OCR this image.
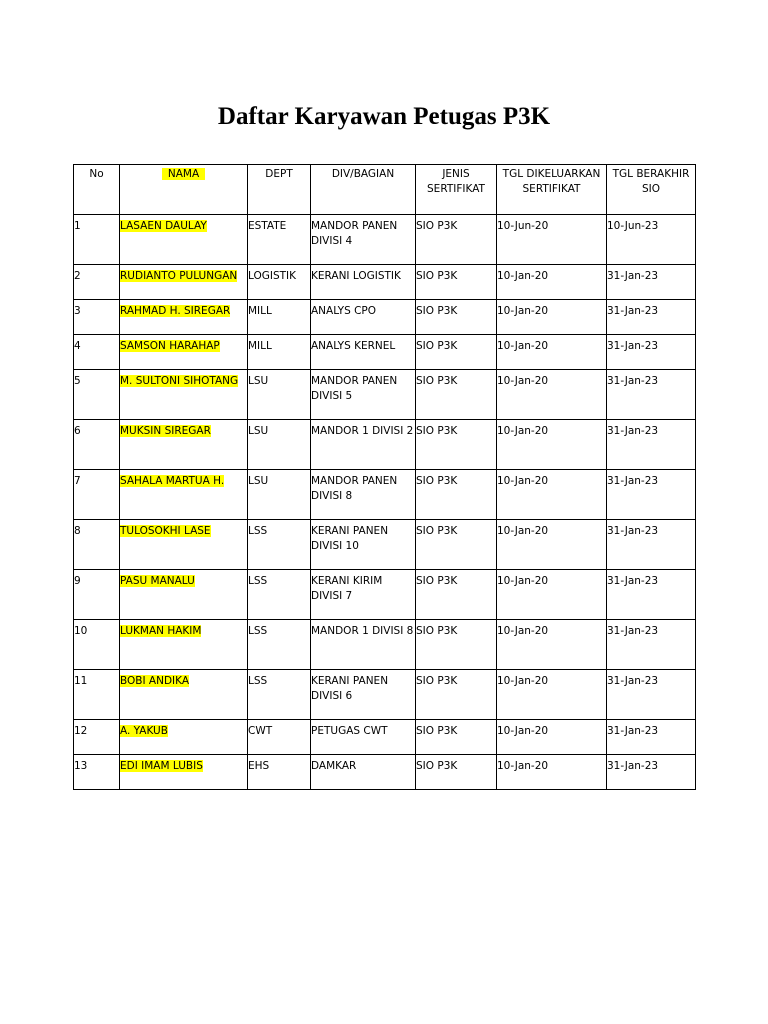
Daftar Karyawan Petugas P3K
No	NAMA	DEPT	DIV/BAGIAN	JENIS SERTIFIKAT	TGL DIKELUARKAN SERTIFIKAT	TGL BERAKHIR SIO
1	LASAEN DAULAY	ESTATE	MANDOR PANEN DIVISI 4	SIO P3K	10-Jun-20	10-Jun-23
2	RUDIANTO PULUNGAN	LOGISTIK	KERANI LOGISTIK	SIO P3K	10-Jan-20	31-Jan-23
3	RAHMAD H. SIREGAR	MILL	ANALYS CPO	SIO P3K	10-Jan-20	31-Jan-23
4	SAMSON HARAHAP	MILL	ANALYS KERNEL	SIO P3K	10-Jan-20	31-Jan-23
5	M. SULTONI SIHOTANG	LSU	MANDOR PANEN DIVISI 5	SIO P3K	10-Jan-20	31-Jan-23
6	MUKSIN SIREGAR	LSU	MANDOR 1 DIVISI 2	SIO P3K	10-Jan-20	31-Jan-23
7	SAHALA MARTUA H.	LSU	MANDOR PANEN DIVISI 8	SIO P3K	10-Jan-20	31-Jan-23
8	TULOSOKHI LASE	LSS	KERANI PANEN DIVISI 10	SIO P3K	10-Jan-20	31-Jan-23
9	PASU MANALU	LSS	KERANI KIRIM DIVISI 7	SIO P3K	10-Jan-20	31-Jan-23
10	LUKMAN HAKIM	LSS	MANDOR 1 DIVISI 8	SIO P3K	10-Jan-20	31-Jan-23
11	BOBI ANDIKA	LSS	KERANI PANEN DIVISI 6	SIO P3K	10-Jan-20	31-Jan-23
12	A. YAKUB	CWT	PETUGAS CWT	SIO P3K	10-Jan-20	31-Jan-23
13	EDI IMAM LUBIS	EHS	DAMKAR	SIO P3K	10-Jan-20	31-Jan-23
